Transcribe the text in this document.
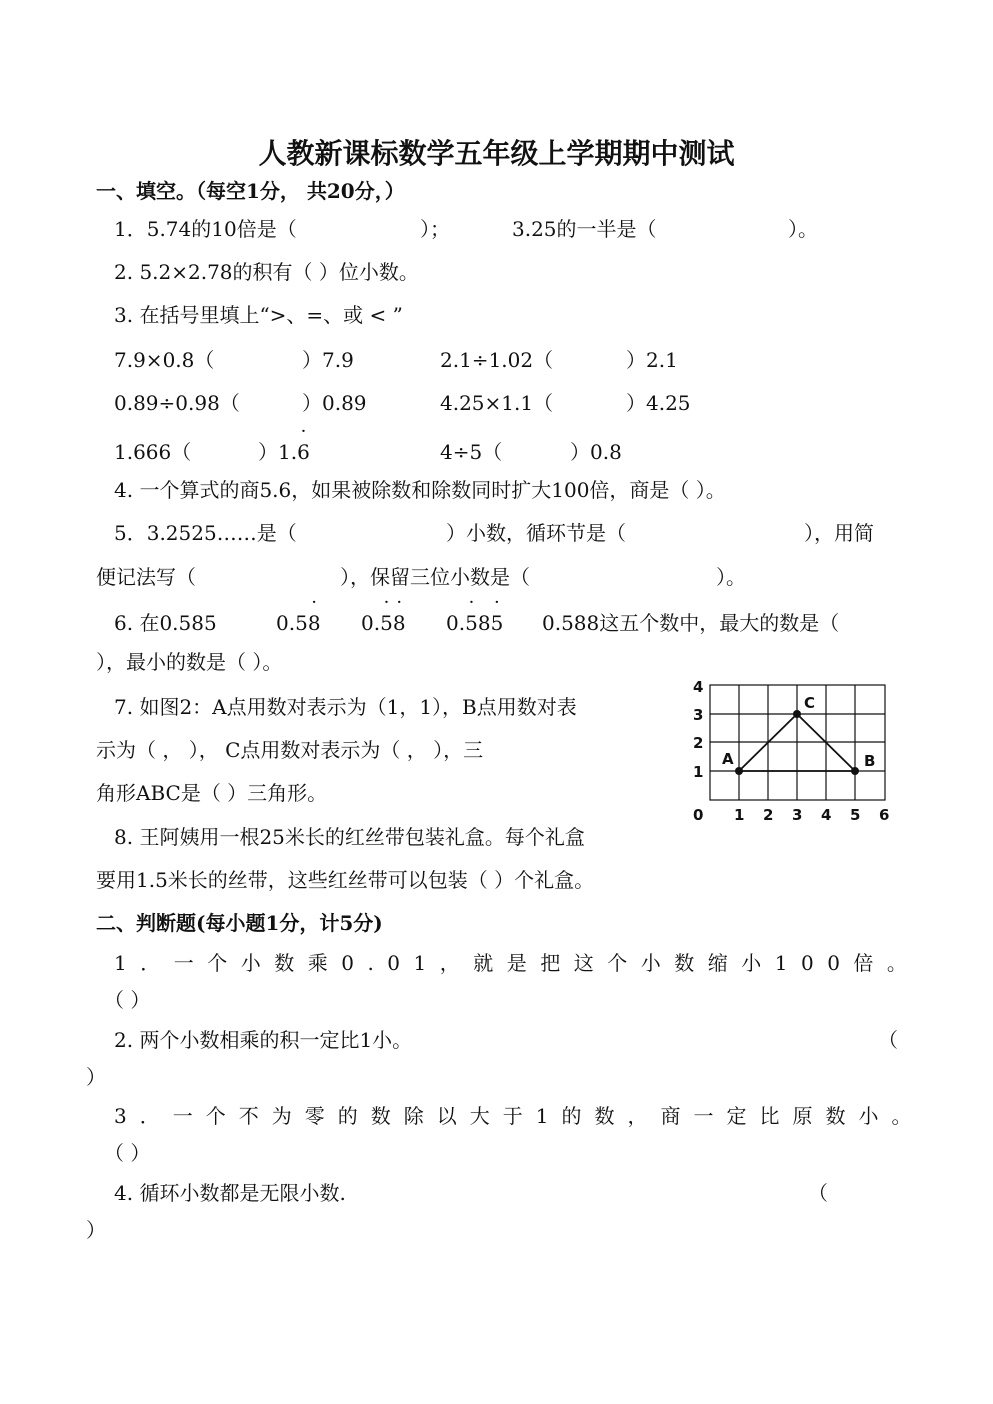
人教新课标数学五年级上学期期中测试
一、填空。（每空1分， 共20分，）
1．5.74的10倍是（	）；	3.25的一半是（	）。
2. 5.2×2.78的积有（ ）位小数。
3. 在括号里填上“>、=、或 < ”
7.9×0.8（	）7.9	2.1÷1.02（	）2.1
0.89÷0.98（	）0.89	4.25×1.1（	）4.25
1.666（	）1.· 6	4÷5（	）0.8
4. 一个算式的商5.6，如果被除数和除数同时扩大100倍，商是（ ）。
5．3.2525……是（	）小数，循环节是（	），用简
便记法写（	），保留三位小数是（	）。
6. 在0.585	0.5· 8 0.· 5· 8 0.· 58· 5 0.588这五个数中，最大的数是（
），最小的数是（ ）。
7. 如图2：A点用数对表示为（1，1），B点用数对表
示为（ ， ）， C点用数对表示为（ ， ），三
角形ABC是（ ）三角形。
8. 王阿姨用一根25米长的红丝带包装礼盒。每个礼盒
要用1.5米长的丝带，这些红丝带可以包装（ ）个礼盒。
A	B
C
0 1 2 3 4 5 6
1
2
3
4
二、判断题(每小题1分，计5分)
1．一个小数乘0.01，就是把这个小数缩小100倍。
（ ）
2. 两个小数相乘的积一定比1小。	（
）
3．一个不为零的数除以大于1的数，商一定比原数小。
（ ）
4. 循环小数都是无限小数.	（
）
